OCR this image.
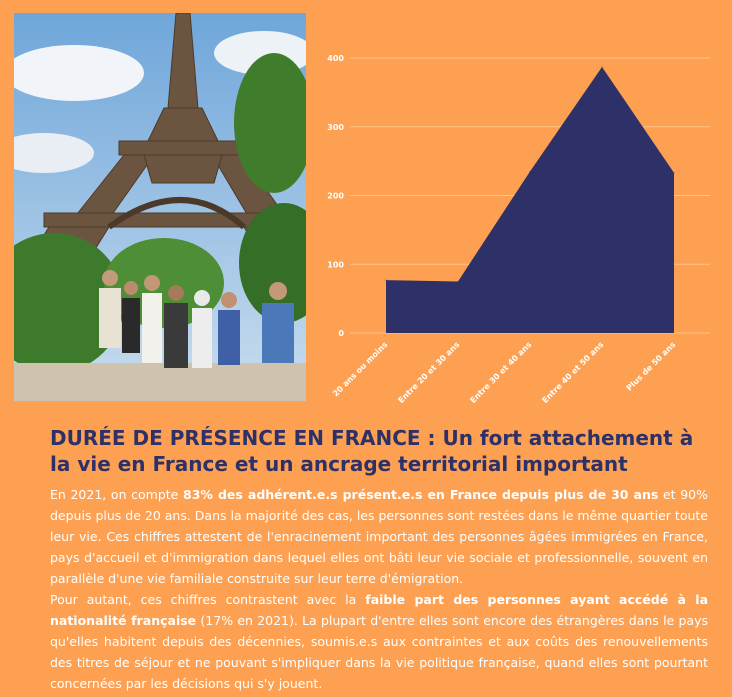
0
100
200
300
400
20 ans ou moins Entre 20 et 30 ans Entre 30 et 40 ans Entre 40 et 50 ans Plus de 50 ans
DURÉE DE PRÉSENCE EN FRANCE : Un fort attachement à la vie en France et un ancrage territorial important

En 2021, on compte 83% des adhérent.e.s présent.e.s en France depuis plus de 30 ans et 90% depuis plus de 20 ans. Dans la majorité des cas, les personnes sont restées dans le même quartier toute leur vie. Ces chiffres attestent de l'enracinement important des personnes âgées immigrées en France, pays d'accueil et d'immigration dans lequel elles ont bâti leur vie sociale et professionnelle, souvent en parallèle d'une vie familiale construite sur leur terre d'émigration.

Pour autant, ces chiffres contrastent avec la faible part des personnes ayant accédé à la nationalité française (17% en 2021). La plupart d'entre elles sont encore des étrangères dans le pays qu'elles habitent depuis des décennies, soumis.e.s aux contraintes et aux coûts des renouvellements des titres de séjour et ne pouvant s'impliquer dans la vie politique française, quand elles sont pourtant concernées par les décisions qui s'y jouent.
